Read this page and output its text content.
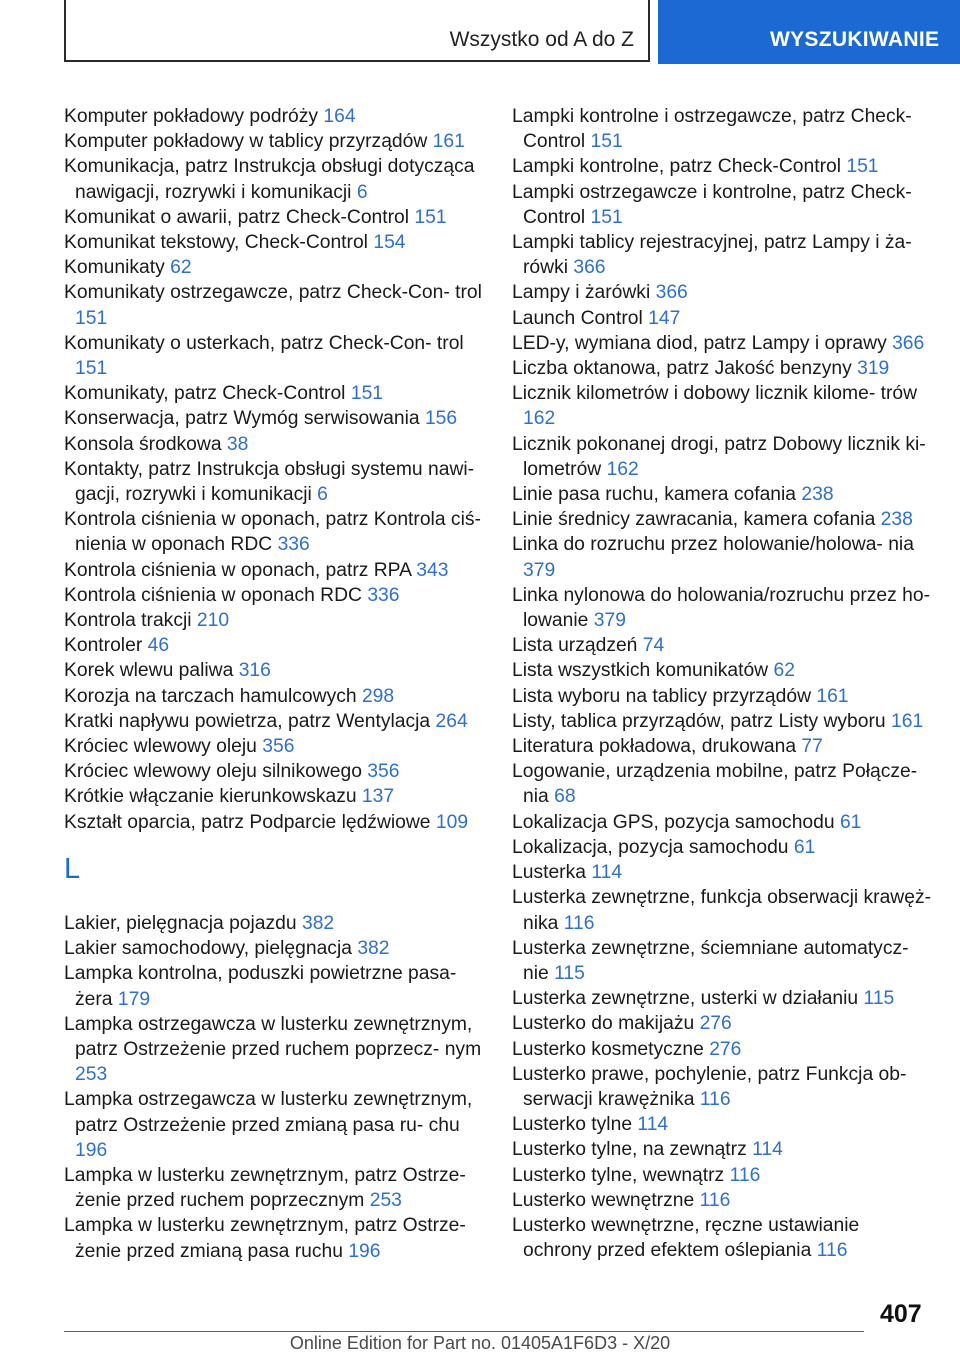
Wszystko od A do Z	WYSZUKIWANIE
Komputer pokładowy podróży 164
Komputer pokładowy w tablicy przyrządów 161
Komunikacja, patrz Instrukcja obsługi dotycząca nawigacji, rozrywki i komunikacji 6
Komunikat o awarii, patrz Check-Control 151
Komunikat tekstowy, Check-Control 154
Komunikaty 62
Komunikaty ostrzegawcze, patrz Check-Con‐ trol 151
Komunikaty o usterkach, patrz Check-Con‐ trol 151
Komunikaty, patrz Check-Control 151
Konserwacja, patrz Wymóg serwisowania 156
Konsola środkowa 38
Kontakty, patrz Instrukcja obsługi systemu nawi‐ gacji, rozrywki i komunikacji 6
Kontrola ciśnienia w oponach, patrz Kontrola ciś‐ nienia w oponach RDC 336
Kontrola ciśnienia w oponach, patrz RPA 343
Kontrola ciśnienia w oponach RDC 336
Kontrola trakcji 210
Kontroler 46
Korek wlewu paliwa 316
Korozja na tarczach hamulcowych 298
Kratki napływu powietrza, patrz Wentylacja 264
Króciec wlewowy oleju 356
Króciec wlewowy oleju silnikowego 356
Krótkie włączanie kierunkowskazu 137
Kształt oparcia, patrz Podparcie lędźwiowe 109
L
Lakier, pielęgnacja pojazdu 382
Lakier samochodowy, pielęgnacja 382
Lampka kontrolna, poduszki powietrzne pasa‐ żera 179
Lampka ostrzegawcza w lusterku zewnętrznym, patrz Ostrzeżenie przed ruchem poprzecz‐ nym 253
Lampka ostrzegawcza w lusterku zewnętrznym, patrz Ostrzeżenie przed zmianą pasa ru‐ chu 196
Lampka w lusterku zewnętrznym, patrz Ostrze‐ żenie przed ruchem poprzecznym 253
Lampka w lusterku zewnętrznym, patrz Ostrze‐ żenie przed zmianą pasa ruchu 196
Lampki kontrolne i ostrzegawcze, patrz Check- Control 151
Lampki kontrolne, patrz Check-Control 151
Lampki ostrzegawcze i kontrolne, patrz Check- Control 151
Lampki tablicy rejestracyjnej, patrz Lampy i ża‐ rówki 366
Lampy i żarówki 366
Launch Control 147
LED-y, wymiana diod, patrz Lampy i oprawy 366
Liczba oktanowa, patrz Jakość benzyny 319
Licznik kilometrów i dobowy licznik kilome‐ trów 162
Licznik pokonanej drogi, patrz Dobowy licznik ki‐ lometrów 162
Linie pasa ruchu, kamera cofania 238
Linie średnicy zawracania, kamera cofania 238
Linka do rozruchu przez holowanie/holowa‐ nia 379
Linka nylonowa do holowania/rozruchu przez ho‐ lowanie 379
Lista urządzeń 74
Lista wszystkich komunikatów 62
Lista wyboru na tablicy przyrządów 161
Listy, tablica przyrządów, patrz Listy wyboru 161
Literatura pokładowa, drukowana 77
Logowanie, urządzenia mobilne, patrz Połącze‐ nia 68
Lokalizacja GPS, pozycja samochodu 61
Lokalizacja, pozycja samochodu 61
Lusterka 114
Lusterka zewnętrzne, funkcja obserwacji krawęż‐ nika 116
Lusterka zewnętrzne, ściemniane automatycz‐ nie 115
Lusterka zewnętrzne, usterki w działaniu 115
Lusterko do makijażu 276
Lusterko kosmetyczne 276
Lusterko prawe, pochylenie, patrz Funkcja ob‐ serwacji krawężnika 116
Lusterko tylne 114
Lusterko tylne, na zewnątrz 114
Lusterko tylne, wewnątrz 116
Lusterko wewnętrzne 116
Lusterko wewnętrzne, ręczne ustawianie ochrony przed efektem oślepiania 116
407
Online Edition for Part no. 01405A1F6D3 - X/20
